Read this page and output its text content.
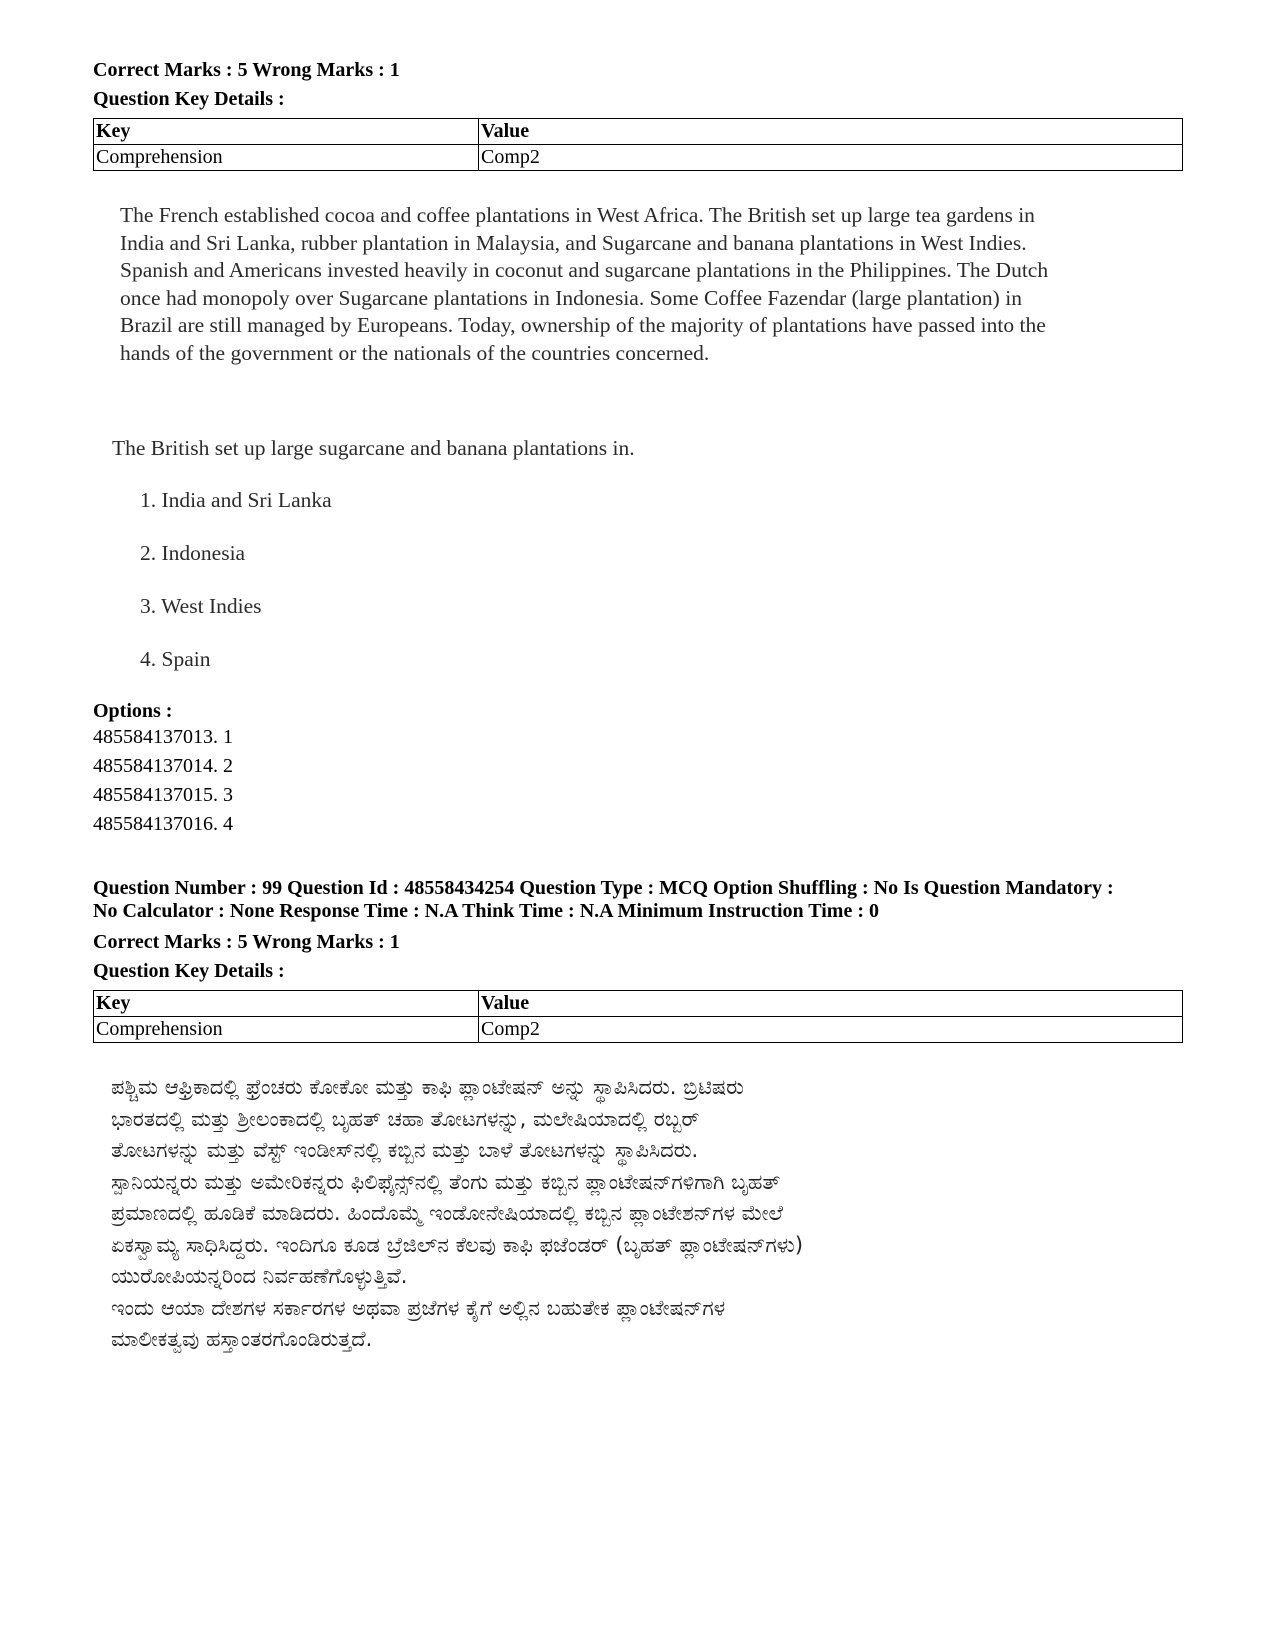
Correct Marks : 5 Wrong Marks : 1
Question Key Details :
Key	Value
Comprehension	Comp2
The French established cocoa and coffee plantations in West Africa. The British set up large tea gardens in
India and Sri Lanka, rubber plantation in Malaysia, and Sugarcane and banana plantations in West Indies.
Spanish and Americans invested heavily in coconut and sugarcane plantations in the Philippines. The Dutch
once had monopoly over Sugarcane plantations in Indonesia. Some Coffee Fazendar (large plantation) in
Brazil are still managed by Europeans. Today, ownership of the majority of plantations have passed into the
hands of the government or the nationals of the countries concerned.
The British set up large sugarcane and banana plantations in.
1. India and Sri Lanka
2. Indonesia
3. West Indies
4. Spain
Options :
485584137013. 1
485584137014. 2
485584137015. 3
485584137016. 4
Question Number : 99 Question Id : 48558434254 Question Type : MCQ Option Shuffling : No Is Question Mandatory :
No Calculator : None Response Time : N.A Think Time : N.A Minimum Instruction Time : 0
Correct Marks : 5 Wrong Marks : 1
Question Key Details :
Key	Value
Comprehension	Comp2
ಪಶ್ಚಿಮ ಆಫ್ರಿಕಾದಲ್ಲಿ ಫ್ರೆಂಚರು ಕೋಕೋ ಮತ್ತು ಕಾಫಿ ಪ್ಲಾಂಟೇಷನ್ ಅನ್ನು ಸ್ಥಾಪಿಸಿದರು. ಬ್ರಿಟಿಷರು
ಭಾರತದಲ್ಲಿ ಮತ್ತು ಶ್ರೀಲಂಕಾದಲ್ಲಿ ಬೃಹತ್ ಚಹಾ ತೋಟಗಳನ್ನು, ಮಲೇಷಿಯಾದಲ್ಲಿ ರಬ್ಬರ್
ತೋಟಗಳನ್ನು ಮತ್ತು ವೆಸ್ಟ್ ಇಂಡೀಸ್‌ನಲ್ಲಿ ಕಬ್ಬಿನ ಮತ್ತು ಬಾಳೆ ತೋಟಗಳನ್ನು ಸ್ಥಾಪಿಸಿದರು.
ಸ್ಪಾನಿಯನ್ನರು ಮತ್ತು ಅಮೇರಿಕನ್ನರು ಫಿಲಿಫೈನ್ಸ್‌ನಲ್ಲಿ ತೆಂಗು ಮತ್ತು ಕಬ್ಬಿನ ಪ್ಲಾಂಟೇಷನ್‌ಗಳಿಗಾಗಿ ಬೃಹತ್
ಪ್ರಮಾಣದಲ್ಲಿ ಹೂಡಿಕೆ ಮಾಡಿದರು. ಹಿಂದೊಮ್ಮೆ ಇಂಡೋನೇಷಿಯಾದಲ್ಲಿ ಕಬ್ಬಿನ ಪ್ಲಾಂಟೇಶನ್‌ಗಳ ಮೇಲೆ
ಏಕಸ್ವಾಮ್ಯ ಸಾಧಿಸಿದ್ದರು. ಇಂದಿಗೂ ಕೂಡ ಬ್ರೆಜಿಲ್‌ನ ಕೆಲವು ಕಾಫಿ ಫಜೆಂಡರ್ (ಬೃಹತ್ ಪ್ಲಾಂಟೇಷನ್‌ಗಳು)
ಯುರೋಪಿಯನ್ನರಿಂದ ನಿರ್ವಹಣೆಗೊಳ್ಳುತ್ತಿವೆ.
ಇಂದು ಆಯಾ ದೇಶಗಳ ಸರ್ಕಾರಗಳ ಅಥವಾ ಪ್ರಜೆಗಳ ಕೈಗೆ ಅಲ್ಲಿನ ಬಹುತೇಕ ಪ್ಲಾಂಟೇಷನ್‌ಗಳ
ಮಾಲೀಕತ್ವವು ಹಸ್ತಾಂತರಗೊಂಡಿರುತ್ತದೆ.
